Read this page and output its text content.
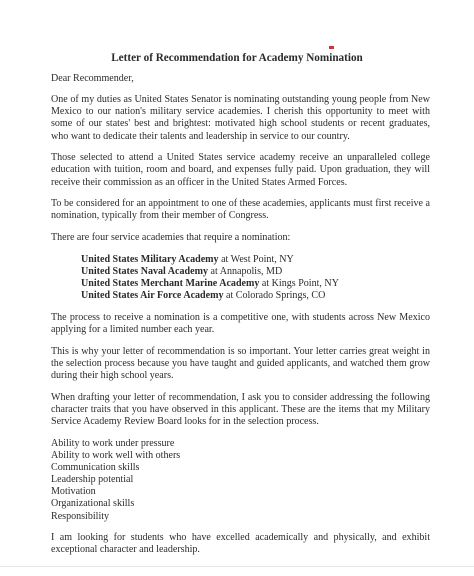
Letter of Recommendation for Academy Nomination

Dear Recommender,

One of my duties as United States Senator is nominating outstanding young people from New Mexico to our nation's military service academies. I cherish this opportunity to meet with some of our states' best and brightest: motivated high school students or recent graduates, who want to dedicate their talents and leadership in service to our country.

Those selected to attend a United States service academy receive an unparalleled college education with tuition, room and board, and expenses fully paid. Upon graduation, they will receive their commission as an officer in the United States Armed Forces.

To be considered for an appointment to one of these academies, applicants must first receive a nomination, typically from their member of Congress.

There are four service academies that require a nomination:

United States Military Academy at West Point, NY
United States Naval Academy at Annapolis, MD
United States Merchant Marine Academy at Kings Point, NY
United States Air Force Academy at Colorado Springs, CO

The process to receive a nomination is a competitive one, with students across New Mexico applying for a limited number each year.

This is why your letter of recommendation is so important. Your letter carries great weight in the selection process because you have taught and guided applicants, and watched them grow during their high school years.

When drafting your letter of recommendation, I ask you to consider addressing the following character traits that you have observed in this applicant. These are the items that my Military Service Academy Review Board looks for in the selection process.

Ability to work under pressure
Ability to work well with others
Communication skills
Leadership potential
Motivation
Organizational skills
Responsibility

I am looking for students who have excelled academically and physically, and exhibit exceptional character and leadership.
